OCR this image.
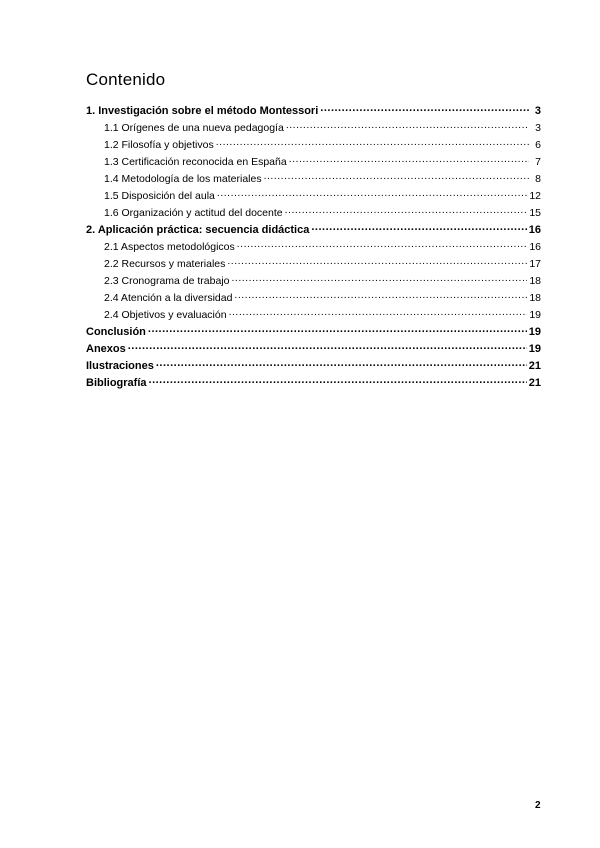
Contenido
1. Investigación sobre el método Montessori .....	3
1.1 Orígenes de una nueva pedagogía .....	3
1.2 Filosofía y objetivos .....	6
1.3 Certificación reconocida en España .....	7
1.4 Metodología de los materiales .....	8
1.5 Disposición del aula .....	12
1.6 Organización y actitud del docente .....	15
2. Aplicación práctica: secuencia didáctica .....	16
2.1 Aspectos metodológicos .....	16
2.2 Recursos y materiales .....	17
2.3 Cronograma de trabajo .....	18
2.4 Atención a la diversidad .....	18
2.4 Objetivos y evaluación .....	19
Conclusión .....	19
Anexos .....	19
Ilustraciones .....	21
Bibliografía .....	21
2
